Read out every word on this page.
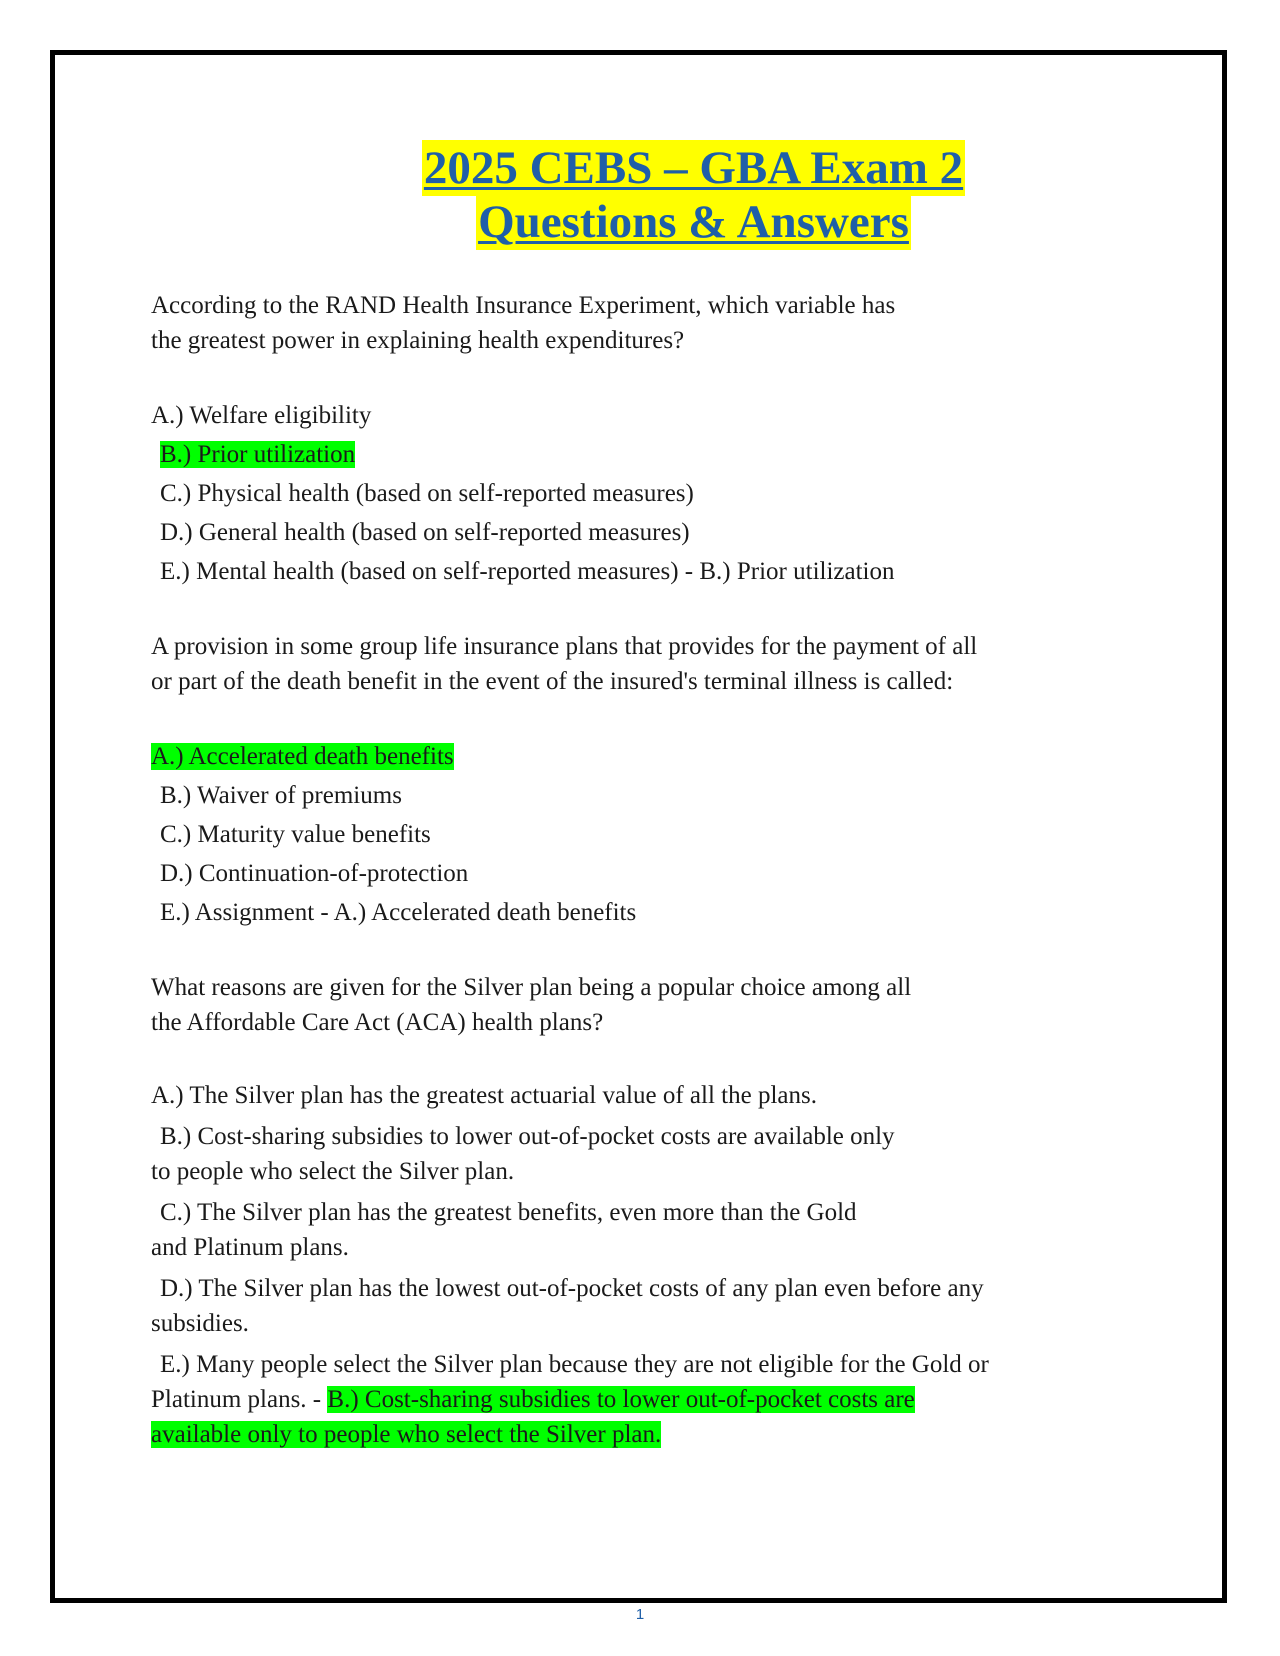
2025 CEBS – GBA Exam 2
Questions & Answers

According to the RAND Health Insurance Experiment, which variable has
the greatest power in explaining health expenditures?

A.) Welfare eligibility

B.) Prior utilization

C.) Physical health (based on self-reported measures)

D.) General health (based on self-reported measures)

E.) Mental health (based on self-reported measures) - B.) Prior utilization

A provision in some group life insurance plans that provides for the payment of all
or part of the death benefit in the event of the insured's terminal illness is called:

A.) Accelerated death benefits

B.) Waiver of premiums

C.) Maturity value benefits

D.) Continuation-of-protection

E.) Assignment - A.) Accelerated death benefits

What reasons are given for the Silver plan being a popular choice among all
the Affordable Care Act (ACA) health plans?

A.) The Silver plan has the greatest actuarial value of all the plans.

B.) Cost-sharing subsidies to lower out-of-pocket costs are available only
to people who select the Silver plan.

C.) The Silver plan has the greatest benefits, even more than the Gold
and Platinum plans.

D.) The Silver plan has the lowest out-of-pocket costs of any plan even before any
subsidies.

E.) Many people select the Silver plan because they are not eligible for the Gold or
Platinum plans. - B.) Cost-sharing subsidies to lower out-of-pocket costs are
available only to people who select the Silver plan.

1
